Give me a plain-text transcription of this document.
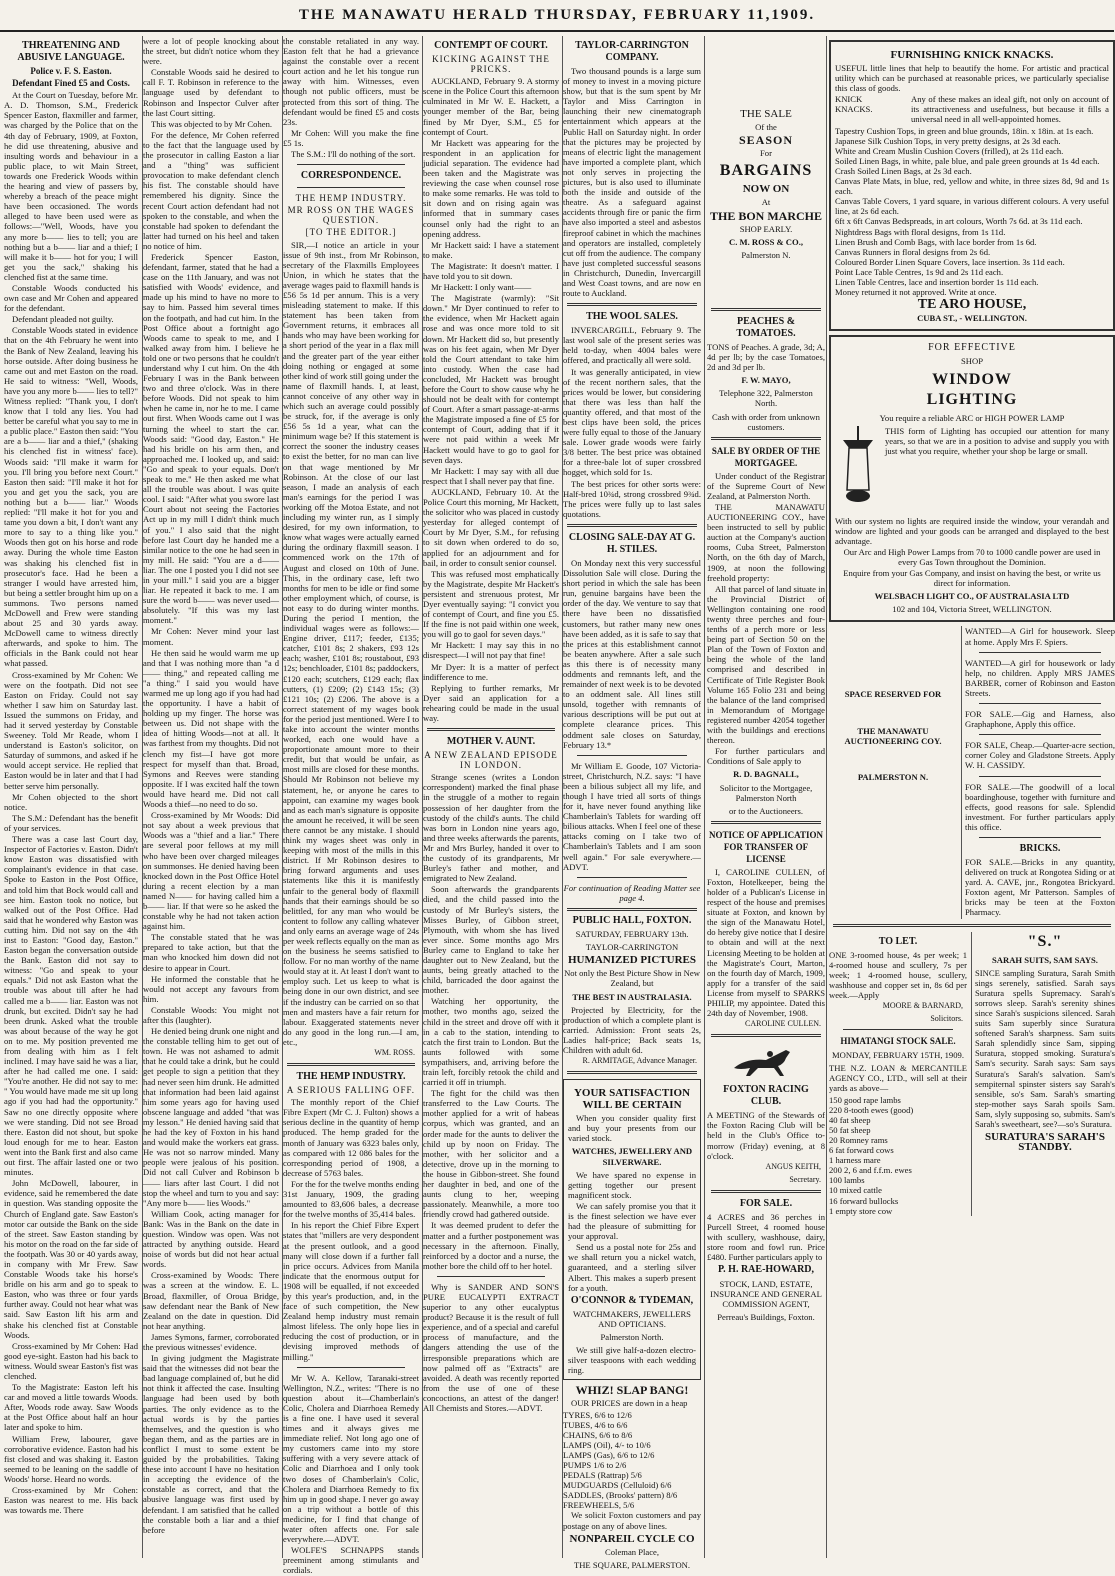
THE MANAWATU HERALD THURSDAY, FEBRUARY 11,1909.
THREATENING AND ABUSIVE LANGUAGE.
Police v. F. S. Easton.
Defendant Fined £5 and Costs.

At the Court on Tuesday, before Mr. A. D. Thomson, S.M., Frederick Spencer Easton, flaxmiller and farmer, was charged by the Police that on the 4th day of February, 1909, at Foxton, he did use threatening, abusive and insulting words and behaviour in a public place, to wit Main Street, towards one Frederick Woods within the hearing and view of passers by, whereby a breach of the peace might have been occasioned. The words alleged to have been used were as follows:—"Well, Woods, have you any more b—— lies to tell; you are nothing but a b—— liar and a thief; I will make it b—— hot for you; I will get you the sack," shaking his clenched fist at the same time.

Constable Woods conducted his own case and Mr Cohen and appeared for the defendant.

Defendant pleaded not guilty.

Constable Woods stated in evidence that on the 4th February he went into the Bank of New Zealand, leaving his horse outside. After doing business he came out and met Easton on the road. He said to witness: "Well, Woods, have you any more b—— lies to tell?" Witness replied: "Thank you, I don't know that I told any lies. You had better be careful what you say to me in a public place." Easton then said: "You are a b—— liar and a thief," (shaking his clenched fist in witness' face). Woods said: "I'll make it warm for you. I'll bring you before next Court." Easton then said: "I'll make it hot for you and get you the sack, you are nothing but a b—— liar." Woods replied: "I'll make it hot for you and tame you down a bit, I don't want any more to say to a thing like you." Woods then got on his horse and rode away. During the whole time Easton was shaking his clenched fist in prosecutor's face. Had he been a stranger I would have arrested him, but being a settler brought him up on a summons. Two persons named McDowell and Frew were standing about 25 and 30 yards away. McDowell came to witness directly afterwards, and spoke to him. The officials in the Bank could not hear what passed.

Cross-examined by Mr Cohen: We were on the footpath. Did not see Easton on Friday. Could not say whether I saw him on Saturday last. Issued the summons on Friday, and had it served yesterday by Constable Sweeney. Told Mr Reade, whom I understand is Easton's solicitor, on Saturday of summons, and asked if he would accept service. He replied that Easton would be in later and that I had better serve him personally.

Mr Cohen objected to the short notice.

The S.M.: Defendant has the benefit of your services.

There was a case last Court day, Inspector of Factories v. Easton. Didn't know Easton was dissatisfied with complainant's evidence in that case. Spoke to Easton in the Post Office, and told him that Bock would call and see him. Easton took no notice, but walked out of the Post Office. Had said that he wondered why Easton was cutting him. Did not say on the 4th inst to Easton: "Good day, Easton." Easton began the conversation outside the Bank. Easton did not say to witness: "Go and speak to your equals." Did not ask Easton what the trouble was about till after he had called me a b—— liar. Easton was not drunk, but excited. Didn't say he had been drunk. Asked what the trouble was about because of the way he got on to me. My position prevented me from dealing with him as I felt inclined. I may have said he was a liar, after he had called me one. I said: "You're another. He did not say to me: " You would have made me sit up long ago if you had had the opportunity." Saw no one directly opposite where we were standing. Did not see Broad there. Easton did not shout, but spoke loud enough for me to hear. Easton went into the Bank first and also came out first. The affair lasted one or two minutes.

John McDowell, labourer, in evidence, said he remembered the date in question. Was standing opposite the Church of England gate. Saw Easton's motor car outside the Bank on the side of the street. Saw Easton standing by his motor on the road on the far side of the footpath. Was 30 or 40 yards away, in company with Mr Frew. Saw Constable Woods take his horse's bridle on his arm and go to speak to Easton, who was three or four yards further away. Could not hear what was said. Saw Easton lift his arm and shake his clenched fist at Constable Woods.

Cross-examined by Mr Cohen: Had good eye-sight. Easton had his back to witness. Would swear Easton's fist was clenched.

To the Magistrate: Easton left his car and moved a little towards Woods. After, Woods rode away. Saw Woods at the Post Office about half an hour later and spoke to him.

William Frew, labourer, gave corroborative evidence. Easton had his fist closed and was shaking it. Easton seemed to be leaning on the saddle of Woods' horse. Heard no words.

Cross-examined by Mr Cohen: Easton was nearest to me. His back was towards me. There

were a lot of people knocking about the street, but didn't notice whom they were.

Constable Woods said he desired to call F. T. Robinson in reference to the language used by defendant to Robinson and Inspector Culver after the last Court sitting.

This was objected to by Mr Cohen.

For the defence, Mr Cohen referred to the fact that the language used by the prosecutor in calling Easton a liar and a "thing" was sufficient provocation to make defendant clench his fist. The constable should have remembered his dignity. Since the recent Court action defendant had not spoken to the constable, and when the constable had spoken to defendant the latter had turned on his heel and taken no notice of him.

Frederick Spencer Easton, defendant, farmer, stated that he had a case on the 11th January, and was not satisfied with Woods' evidence, and made up his mind to have no more to say to him. Passed him several times on the footpath, and had cut him. In the Post Office about a fortnight ago Woods came to speak to me, and I walked away from him. I believe he told one or two persons that he couldn't understand why I cut him. On the 4th February I was in the Bank between two and three o'clock. Was in there before Woods. Did not speak to him when he came in, nor he to me. I came out first. When Woods came out I was turning the wheel to start the car. Woods said: "Good day, Easton." He had his bridle on his arm then, and approached me. I looked up, and said: "Go and speak to your equals. Don't speak to me." He then asked me what all the trouble was about. I was quite cool. I said: "After what you swore last Court about not seeing the Factories Act up in my mill I didn't think much of you." I also said that the night before last Court day he handed me a similar notice to the one he had seen in my mill. He said: "You are a d—— liar. The one I posted you I did not see in your mill." I said you are a bigger liar. He repeated it back to me. I am sure the word b—— was never used—absolutely. "If this was my last moment."

Mr Cohen: Never mind your last moment.

He then said he would warm me up and that I was nothing more than "a d—— thing," and repeated calling me "a thing." I said you would have warmed me up long ago if you had had the opportunity. I have a habit of holding up my finger. The horse was between us. Did not shape with the idea of hitting Woods—not at all. It was farthest from my thoughts. Did not clench my fist—I have got more respect for myself than that. Broad, Symons and Reeves were standing opposite. If I was excited half the town would have heard me. Did not call Woods a thief—no need to do so.

Cross-examined by Mr Woods: Did not say about a week previous that Woods was a "thief and a liar." There are several poor fellows at my mill who have been over charged mileages on summonses. He denied having been knocked down in the Post Office Hotel during a recent election by a man named N—— for having called him a b—— liar. If that were so he asked the constable why he had not taken action against him.

The constable stated that he was prepared to take action, but that the man who knocked him down did not desire to appear in Court.

He informed the constable that he would not accept any favours from him.

Constable Woods: You might not after this (laughter).

He denied being drunk one night and the constable telling him to get out of town. He was not ashamed to admit that he could take a drink, but he could get people to sign a petition that they had never seen him drunk. He admitted that information had been laid against him some years ago for having used obscene language and added "that was my lesson." He denied having said that he had the key of Foxton in his hand and would make the workers eat grass. He was not so narrow minded. Many people were jealous of his position. Did not call Culver and Robinson b—— liars after last Court. I did not stop the wheel and turn to you and say: "Any more b—— lies Woods."

William Cook, acting manager for Bank: Was in the Bank on the date in question. Window was open. Was not attracted by anything outside. Heard noise of words but did not hear actual words.

Cross-examined by Woods: There was a screen at the window. E. L. Broad, flaxmiller, of Oroua Bridge, saw defendant near the Bank of New Zealand on the date in question. Did not hear anything.

James Symons, farmer, corroborated the previous witnesses' evidence.

In giving judgment the Magistrate said that the witnesses did not bear the bad language complained of, but he did not think it affected the case. Insulting language had been used by both parties. The only evidence as to the actual words is by the parties themselves, and the question is who began them, and as the parties are in conflict I must to some extent be guided by the probabilities. Taking these into account I have no hesitation in accepting the evidence of the constable as correct, and that the abusive language was first used by defendant. I am satisfied that he called the constable both a liar and a thief before

the constable retaliated in any way. Easton felt that he had a grievance against the constable over a recent court action and he let his tongue run away with him. Witnesses, even though not public officers, must be protected from this sort of thing. The defendant would be fined £5 and costs 23s.

Mr Cohen: Will you make the fine £5 1s.

The S.M.: I'll do nothing of the sort.

CORRESPONDENCE.
THE HEMP INDUSTRY.
MR ROSS ON THE WAGES QUESTION.
[TO THE EDITOR.]

SIR,—I notice an article in your issue of 9th inst., from Mr Robinson, secretary of the Flaxmills Employees Union, in which he states that the average wages paid to flaxmill hands is £56 5s 1d per annum. This is a very misleading statement to make. If this statement has been taken from Government returns, it embraces all hands who may have been working for a short period of the year in a flax mill and the greater part of the year either doing nothing or engaged at some other kind of work still going under the name of flaxmill hands. I, at least, cannot conceive of any other way in which such an average could possibly be struck, for, if the average is only £56 5s 1d a year, what can the minimum wage be? If this statement is correct the sooner the industry ceases to exist the better, for no man can live on that wage mentioned by Mr Robinson. At the close of our last season, I made an analysis of each man's earnings for the period I was working off the Motoa Estate, and not including my winter run, as I simply desired, for my own information, to know what wages were actually earned during the ordinary flaxmill season. I commenced work on the 17th of August and closed on 10th of June. This, in the ordinary case, left two months for men to be idle or find some other employment which, of course, is not easy to do during winter months. During the period I mention, the individual wages were as follows:—Engine driver, £117; feeder, £135; catcher, £101 8s; 2 shakers, £93 12s each; washer, £101 8s; roustabout, £93 12s; benchloader, £101 8s; paddockers, £120 each; scutchers, £129 each; flax cutters, (1) £209; (2) £143 15s; (3) £121 10s; (2) £206. The above is a correct statement of my wages book for the period just mentioned. Were I to take into account the winter months worked, each one would have a proportionate amount more to their credit, but that would be unfair, as most mills are closed for these months. Should Mr Robinson not believe my statement, he, or anyone he cares to appoint, can examine my wages book and as each man's signature is opposite the amount he received, it will be seen there cannot be any mistake. I should think my wages sheet was only in keeping with most of the mills in this district. If Mr Robinson desires to bring forward arguments and uses statements like this it is manifestly unfair to the general body of flaxmill hands that their earnings should be so belittled, for any man who would be content to follow any calling whatever and only earns an average wage of 24s per week reflects equally on the man as on the business he seems satisfied to follow. For no man worthy of the name would stay at it. At least I don't want to employ such. Let us keep to what is being done in our own district, and see if the industry can be carried on so that men and masters have a fair return for labour. Exaggerated statements never do any good in the long run.—I am, etc.,

WM. ROSS.
THE HEMP INDUSTRY.
A SERIOUS FALLING OFF.

The monthly report of the Chief Fibre Expert (Mr C. J. Fulton) shows a serious decline in the quantity of hemp produced. The hemp graded for the month of January was 6323 bales only, as compared with 12 086 bales for the corresponding period of 1908, a decrease of 5763 bales.

For the for the twelve months ending 31st January, 1909, the grading amounted to 83,606 bales, a decrease for the twelve months of 35,414 bales.

In his report the Chief Fibre Expert states that "millers are very despondent at the present outlook, and a good many will close down if a further fall in price occurs. Advices from Manila indicate that the enormous output for 1908 will be equalled, if not exceeded by this year's production, and, in the face of such competition, the New Zealand hemp industry must remain almost lifeless. The only hope lies in reducing the cost of production, or in devising improved methods of milling."

Mr W. A. Kellow, Taranaki-street Wellington, N.Z., writes: "There is no question about it—Chamberlain's Colic, Cholera and Diarrhoea Remedy is a fine one. I have used it several times and it always gives me immediate relief. Not long ago one of my customers came into my store suffering with a very severe attack of Colic and Diarrhoea and I only took two doses of Chamberlain's Colic, Cholera and Diarrhoea Remedy to fix him up in good shape. I never go away on a trip without a bottle of this medicine, for I find that change of water often affects one. For sale everywhere.—ADVT.

WOLFE'S SCHNAPPS stands preeminent among stimulants and cordials.

CONTEMPT OF COURT.
KICKING AGAINST THE PRICKS.

AUCKLAND, February 9. A stormy scene in the Police Court this afternoon culminated in Mr W. E. Hackett, a younger member of the Bar, being fined by Mr Dyer, S.M., £5 for contempt of Court.

Mr Hackett was appearing for the respondent in an application for judicial separation. The evidence had been taken and the Magistrate was reviewing the case when counsel rose to make some remarks. He was told to sit down and on rising again was informed that in summary cases counsel only had the right to an opening address.

Mr Hackett said: I have a statement to make.

The Magistrate: It doesn't matter. I have told you to sit down.

Mr Hackett: I only want——

The Magistrate (warmly): "Sit down." Mr Dyer continued to refer to the evidence, when Mr Hackett again rose and was once more told to sit down. Mr Hackett did so, but presently was on his feet again, when Mr Dyer told the Court attendant to take him into custody. When the case had concluded, Mr Hackett was brought before the Court to show cause why he should not be dealt with for contempt of Court. After a smart passage-at-arms the Magistrate imposed a fine of £5 for contempt of Court, adding that if it were not paid within a week Mr Hackett would have to go to gaol for seven days.

Mr Hackett: I may say with all due respect that I shall never pay that fine.

AUCKLAND, February 10. At the Police Court this morning, Mr Hackett, the solicitor who was placed in custody yesterday for alleged contempt of Court by Mr Dyer, S.M., for refusing to sit down when ordered to do so, applied for an adjournment and for bail, in order to consult senior counsel.

This was refused most emphatically by the Magistrate, despite Mr Hackett's persistent and strenuous protest, Mr Dyer eventually saying: "I convict you of contempt of Court, and fine you £5. If the fine is not paid within one week, you will go to gaol for seven days."

Mr Hackett: I may say this in no disrespect—I will not pay that fine!

Mr Dyer: It is a matter of perfect indifference to me.

Replying to further remarks, Mr Dyer said an application for a rehearing could be made in the usual way.

MOTHER V. AUNT.
A NEW ZEALAND EPISODE IN LONDON.

Strange scenes (writes a London correspondent) marked the final phase in the struggle of a mother to regain possession of her daughter from the custody of the child's aunts. The child was born in London nine years ago, and three weeks afterwards the parents, Mr and Mrs Burley, handed it over to the custody of its grandparents, Mr Burley's father and mother, and emigrated to New Zealand.

Soon afterwards the grandparents died, and the child passed into the custody of Mr Burley's sisters, the Misses Burley, of Gibbon street, Plymouth, with whom she has lived ever since. Some months ago Mrs Burley came to England to take her daughter out to New Zealand, but the aunts, being greatly attached to the child, barricaded the door against the mother.

Watching her opportunity, the mother, two months ago, seized the child in the street and drove off with it in a cab to the station, intending to catch the first train to London. But the aunts followed with some sympathisers, and, arriving before the train left, forcibly retook the child and carried it off in triumph.

The fight for the child was then transferred to the Law Courts. The mother applied for a writ of habeas corpus, which was granted, and an order made for the aunts to deliver the child up by noon on Friday. The mother, with her solicitor and a detective, drove up in the morning to the house in Gibbon-street. She found her daughter in bed, and one of the aunts clung to her, weeping passionately. Meanwhile, a more too friendly crowd had gathered outside.

It was deemed prudent to defer the matter and a further postponement was necessary in the afternoon. Finally, reinforced by a doctor and a nurse, the mother bore the child off to her hotel.

Why is SANDER AND SON'S PURE EUCALYPTI EXTRACT superior to any other eucalyptus product? Because it is the result of full experience, and of a special and careful process of manufacture, and the dangers attending the use of the irresponsible preparations which are now palmed off as "Extracts" are avoided. A death was recently reported from the use of one of these concoctions, an attest of the danger! All Chemists and Stores.—ADVT.

TAYLOR-CARRINGTON COMPANY.

Two thousand pounds is a large sum of money to invest in a moving picture show, but that is the sum spent by Mr Taylor and Miss Carrington in launching their new cinematograph entertainment which appears at the Public Hall on Saturday night. In order that the pictures may be projected by means of electric light the management have imported a complete plant, which not only serves in projecting the pictures, but is also used to illuminate both the inside and outside of the theatre. As a safeguard against accidents through fire or panic the firm have also imported a steel and asbestos fireproof cabinet in which the machines and operators are installed, completely cut off from the audience. The company have just completed successful seasons in Christchurch, Dunedin, Invercargill and West Coast towns, and are now en route to Auckland.

THE WOOL SALES.

INVERCARGILL, February 9. The last wool sale of the present series was held to-day, when 4004 bales were offered, and practically all were sold.

It was generally anticipated, in view of the recent northern sales, that the prices would be lower, but considering that there was less than half the quantity offered, and that most of the best clips have been sold, the prices were fully equal to those of the January sale. Lower grade woods were fairly 3/8 better. The best price was obtained for a three-bale lot of super crossbred hogget, which sold for 1s.

The best prices for other sorts were: Half-bred 10¾d, strong crossbred 9¾d. The prices were fully up to last sales quotations.

CLOSING SALE-DAY AT G. H. STILES.

On Monday next this very successful Dissolution Sale will close. During the short period in which the sale has been run, genuine bargains have been the order of the day. We venture to say that there have been no dissatisfied customers, but rather many new ones have been added, as it is safe to say that the prices at this establishment cannot be beaten anywhere. After a sale such as this there is of necessity many oddments and remnants left, and the remainder of next week is to be devoted to an oddment sale. All lines still unsold, together with remnants of various descriptions will be put out at complete clearance prices. This oddment sale closes on Saturday, February 13.*

Mr William E. Goode, 107 Victoria-street, Christchurch, N.Z. says: "I have been a bilious subject all my life, and though I have tried all sorts of things for it, have never found anything like Chamberlain's Tablets for warding off bilious attacks. When I feel one of these attacks coming on I take two of Chamberlain's Tablets and I am soon well again." For sale everywhere.—ADVT.

For continuation of Reading Matter see page 4.
PUBLIC HALL, FOXTON.
SATURDAY, FEBRUARY 13th.
TAYLOR-CARRINGTON
HUMANIZED PICTURES
Not only the Best Picture Show in New Zealand, but
THE BEST IN AUSTRALASIA.

Projected by Electricity, for the production of which a complete plant is carried. Admission: Front seats 2s, Ladies half-price; Back seats 1s, Children with adult 6d.

R. ARMITAGE, Advance Manager.
YOUR SATISFACTION WILL BE CERTAIN

When you consider quality first and buy your presents from our varied stock.

WATCHES, JEWELLERY AND SILVERWARE.

We have spared no expense in getting together our present magnificent stock.

We can safely promise you that it is the finest selection we have ever had the pleasure of submitting for your approval.

Send us a postal note for 25s and we shall return you a nickel watch, guaranteed, and a sterling silver Albert. This makes a superb present for a youth.

O'CONNOR & TYDEMAN,
WATCHMAKERS, JEWELLERS AND OPTICIANS.
Palmerston North.

We still give half-a-dozen electro-silver teaspoons with each wedding ring.

WHIZ! SLAP BANG!

OUR PRICES are down in a heap

TYRES, 6/6 to 12/6
TUBES, 4/6 to 6/6
CHAINS, 6/6 to 8/6
LAMPS (Oil), 4/- to 10/6
LAMPS (Gas), 6/6 to 12/6
PUMPS 1/6 to 2/6
PEDALS (Rattrap) 5/6
MUDGUARDS (Celluloid) 6/6
SADDLES, (Brooks' pattern) 8/6
FREEWHEELS, 5/6

We solicit Foxton customers and pay postage on any of above lines.

NONPAREIL CYCLE CO
Coleman Place,
THE SQUARE, PALMERSTON.
THE SALE
Of the
SEASON
For
BARGAINS
NOW ON
At
THE BON MARCHE
SHOP EARLY.
C. M. ROSS & CO.,
Palmerston N.
PEACHES & TOMATOES.

TONS of Peaches. A grade, 3d; A, 4d per lb; by the case Tomatoes, 2d and 3d per lb.

F. W. MAYO,
Telephone 322, Palmerston North.
Cash with order from unknown customers.
SALE BY ORDER OF THE MORTGAGEE.

Under conduct of the Registrar of the Supreme Court of New Zealand, at Palmerston North.

THE MANAWATU AUCTIONEERING COY., have been instructed to sell by public auction at the Company's auction rooms, Cuba Street, Palmerston North, on the 6th day of March, 1909, at noon the following freehold property:

All that parcel of land situate in the Provincial District of Wellington containing one rood twenty three perches and four-tenths of a perch more or less being part of Section 50 on the Plan of the Town of Foxton and being the whole of the land comprised and described in Certificate of Title Register Book Volume 165 Folio 231 and being the balance of the land comprised in Memorandum of Mortgage registered number 42054 together with the buildings and erections thereon.

For further particulars and Conditions of Sale apply to

R. D. BAGNALL,
Solicitor to the Mortgagee, Palmerston North
or to the Auctioneers.
NOTICE OF APPLICATION FOR TRANSFER OF LICENSE

I, CAROLINE CULLEN, of Foxton, Hotelkeeper, being the holder of a Publican's License in respect of the house and premises situate at Foxton, and known by the sign of the Manawatu Hotel, do hereby give notice that I desire to obtain and will at the next Licensing Meeting to be holden at the Magistrate's Court, Marton, on the fourth day of March, 1909, apply for a transfer of the said License from myself to SPARKS PHILIP, my appointee. Dated this 24th day of November, 1908.

CAROLINE CULLEN.
FOXTON RACING CLUB.

A MEETING of the Stewards of the Foxton Racing Club will be held in the Club's Office to-morrow (Friday) evening, at 8 o'clock.

ANGUS KEITH,
Secretary.
FOR SALE.

4 ACRES and 36 perches in Purcell Street, 4 roomed house with scullery, washhouse, dairy, store room and fowl run. Price £480. Further particulars apply to

P. H. RAE-HOWARD,
STOCK, LAND, ESTATE, INSURANCE AND GENERAL COMMISSION AGENT,
Perreau's Buildings, Foxton.
FURNISHING KNICK KNACKS.

USEFUL little lines that help to beautify the home. For artistic and practical utility which can be purchased at reasonable prices, we particularly specialise this class of goods.

KNICK
KNACKS.

Any of these makes an ideal gift, not only on account of its attractiveness and usefulness, but because it fills a universal need in all well-appointed homes.

Tapestry Cushion Tops, in green and blue grounds, 18in. x 18in. at 1s each.
Japanese Silk Cushion Tops, in very pretty designs, at 2s 3d each.
White and Cream Muslin Cushion Covers (frilled), at 2s 11d each.
Soiled Linen Bags, in white, pale blue, and pale green grounds at 1s 4d each.
Crash Soiled Linen Bags, at 2s 3d each.
Canvas Plate Mats, in blue, red, yellow and white, in three sizes 8d, 9d and 1s each.
Canvas Table Covers, 1 yard square, in various different colours. A very useful line, at 2s 6d each.
6ft x 6ft Canvas Bedspreads, in art colours, Worth 7s 6d. at 3s 11d each.
Nightdress Bags with floral designs, from 1s 11d.
Linen Brush and Comb Bags, with lace border from 1s 6d.
Canvas Runners in floral designs from 2s 6d.
Coloured Border Linen Square Covers, lace insertion. 3s 11d each.
Point Lace Table Centres, 1s 9d and 2s 11d each.
Linen Table Centres, lace and insertion border 1s 11d each.

Money returned it not approved. Write at once.

TE ARO HOUSE,
CUBA ST., - WELLINGTON.
FOR EFFECTIVE
SHOP
WINDOW
LIGHTING
You require a reliable ARC or HIGH POWER LAMP

THIS form of Lighting has occupied our attention for many years, so that we are in a position to advise and supply you with just what you require, whether your shop be large or small.

With our system no lights are required inside the window, your verandah and window are lighted and your goods can be arranged and displayed to the best advantage.

Our Arc and High Power Lamps from 70 to 1000 candle power are used in every Gas Town throughout the Dominion.

Enquire from your Gas Company, and insist on having the best, or write us direct for information.

WELSBACH LIGHT CO., OF AUSTRALASIA LTD
102 and 104, Victoria Street, WELLINGTON.
SPACE RESERVED FOR
THE MANAWATU AUCTIONEERING COY.
PALMERSTON N.

WANTED—A Girl for housework. Sleep at home. Apply Mrs F. Spiers.

WANTED—A girl for housework or lady help, no children. Apply MRS JAMES BARBER, corner of Robinson and Easton Streets.

FOR SALE.—Gig and Harness, also Graphaphone, Apply this office.

FOR SALE, Cheap.—Quarter-acre section, corner Coley and Gladstone Streets. Apply W. H. CASSIDY.

FOR SALE.—The goodwill of a local boardinghouse, together with furniture and effects, good reasons for sale. Splendid investment. For further particulars apply this office.

BRICKS.

FOR SALE.—Bricks in any quantity, delivered on truck at Rongotea Siding or at yard. A. CAVE, jnr., Rongotea Brickyard. Foxton agent, Mr Patterson. Samples of bricks may be teen at the Foxton Pharmacy.

TO LET.

ONE 3-roomed house, 4s per week; 1 4-roomed house and scullery, 7s per week; 1 4-roomed house, scullery, washhouse and copper set in, 8s 6d per week.—Apply

MOORE & BARNARD,
Solicitors.
HIMATANGI STOCK SALE.
MONDAY, FEBRUARY 15TH, 1909.

THE N.Z. LOAN & MERCANTILE AGENCY CO., LTD., will sell at their yards as above—

150 good rape lambs
220 8-tooth ewes (good)
40 fat sheep
50 fat sheep
20 Romney rams
6 fat forward cows
1 harness mare
200 2, 6 and f.f.m. ewes
100 lambs
10 mixed cattle
16 forward bullocks
1 empty store cow
"S."
SARAH SUITS, SAM SAYS.

SINCE sampling Suratura, Sarah Smith sings serenely, satisfied. Sarah says Suratura spells Supremacy. Sarah's sorrows sleep. Sarah's serenity shines since Sarah's suspicions silenced. Sarah suits Sam superbly since Suratura softened Sarah's sharpness. Sam suits Sarah splendidly since Sam, sipping Suratura, stopped smoking. Suratura's Sam's security. Sarah says: Sam says Suratura's Sarah's salvation. Sam's sempiternal spinster sisters say Sarah's sensible, so's Sam. Sarah's smarting step-mother says Sarah spoils Sam. Sam, slyly supposing so, submits. Sam's Sarah's sweetheart, see?—so's Suratura.

SURATURA'S SARAH'S STANDBY.
